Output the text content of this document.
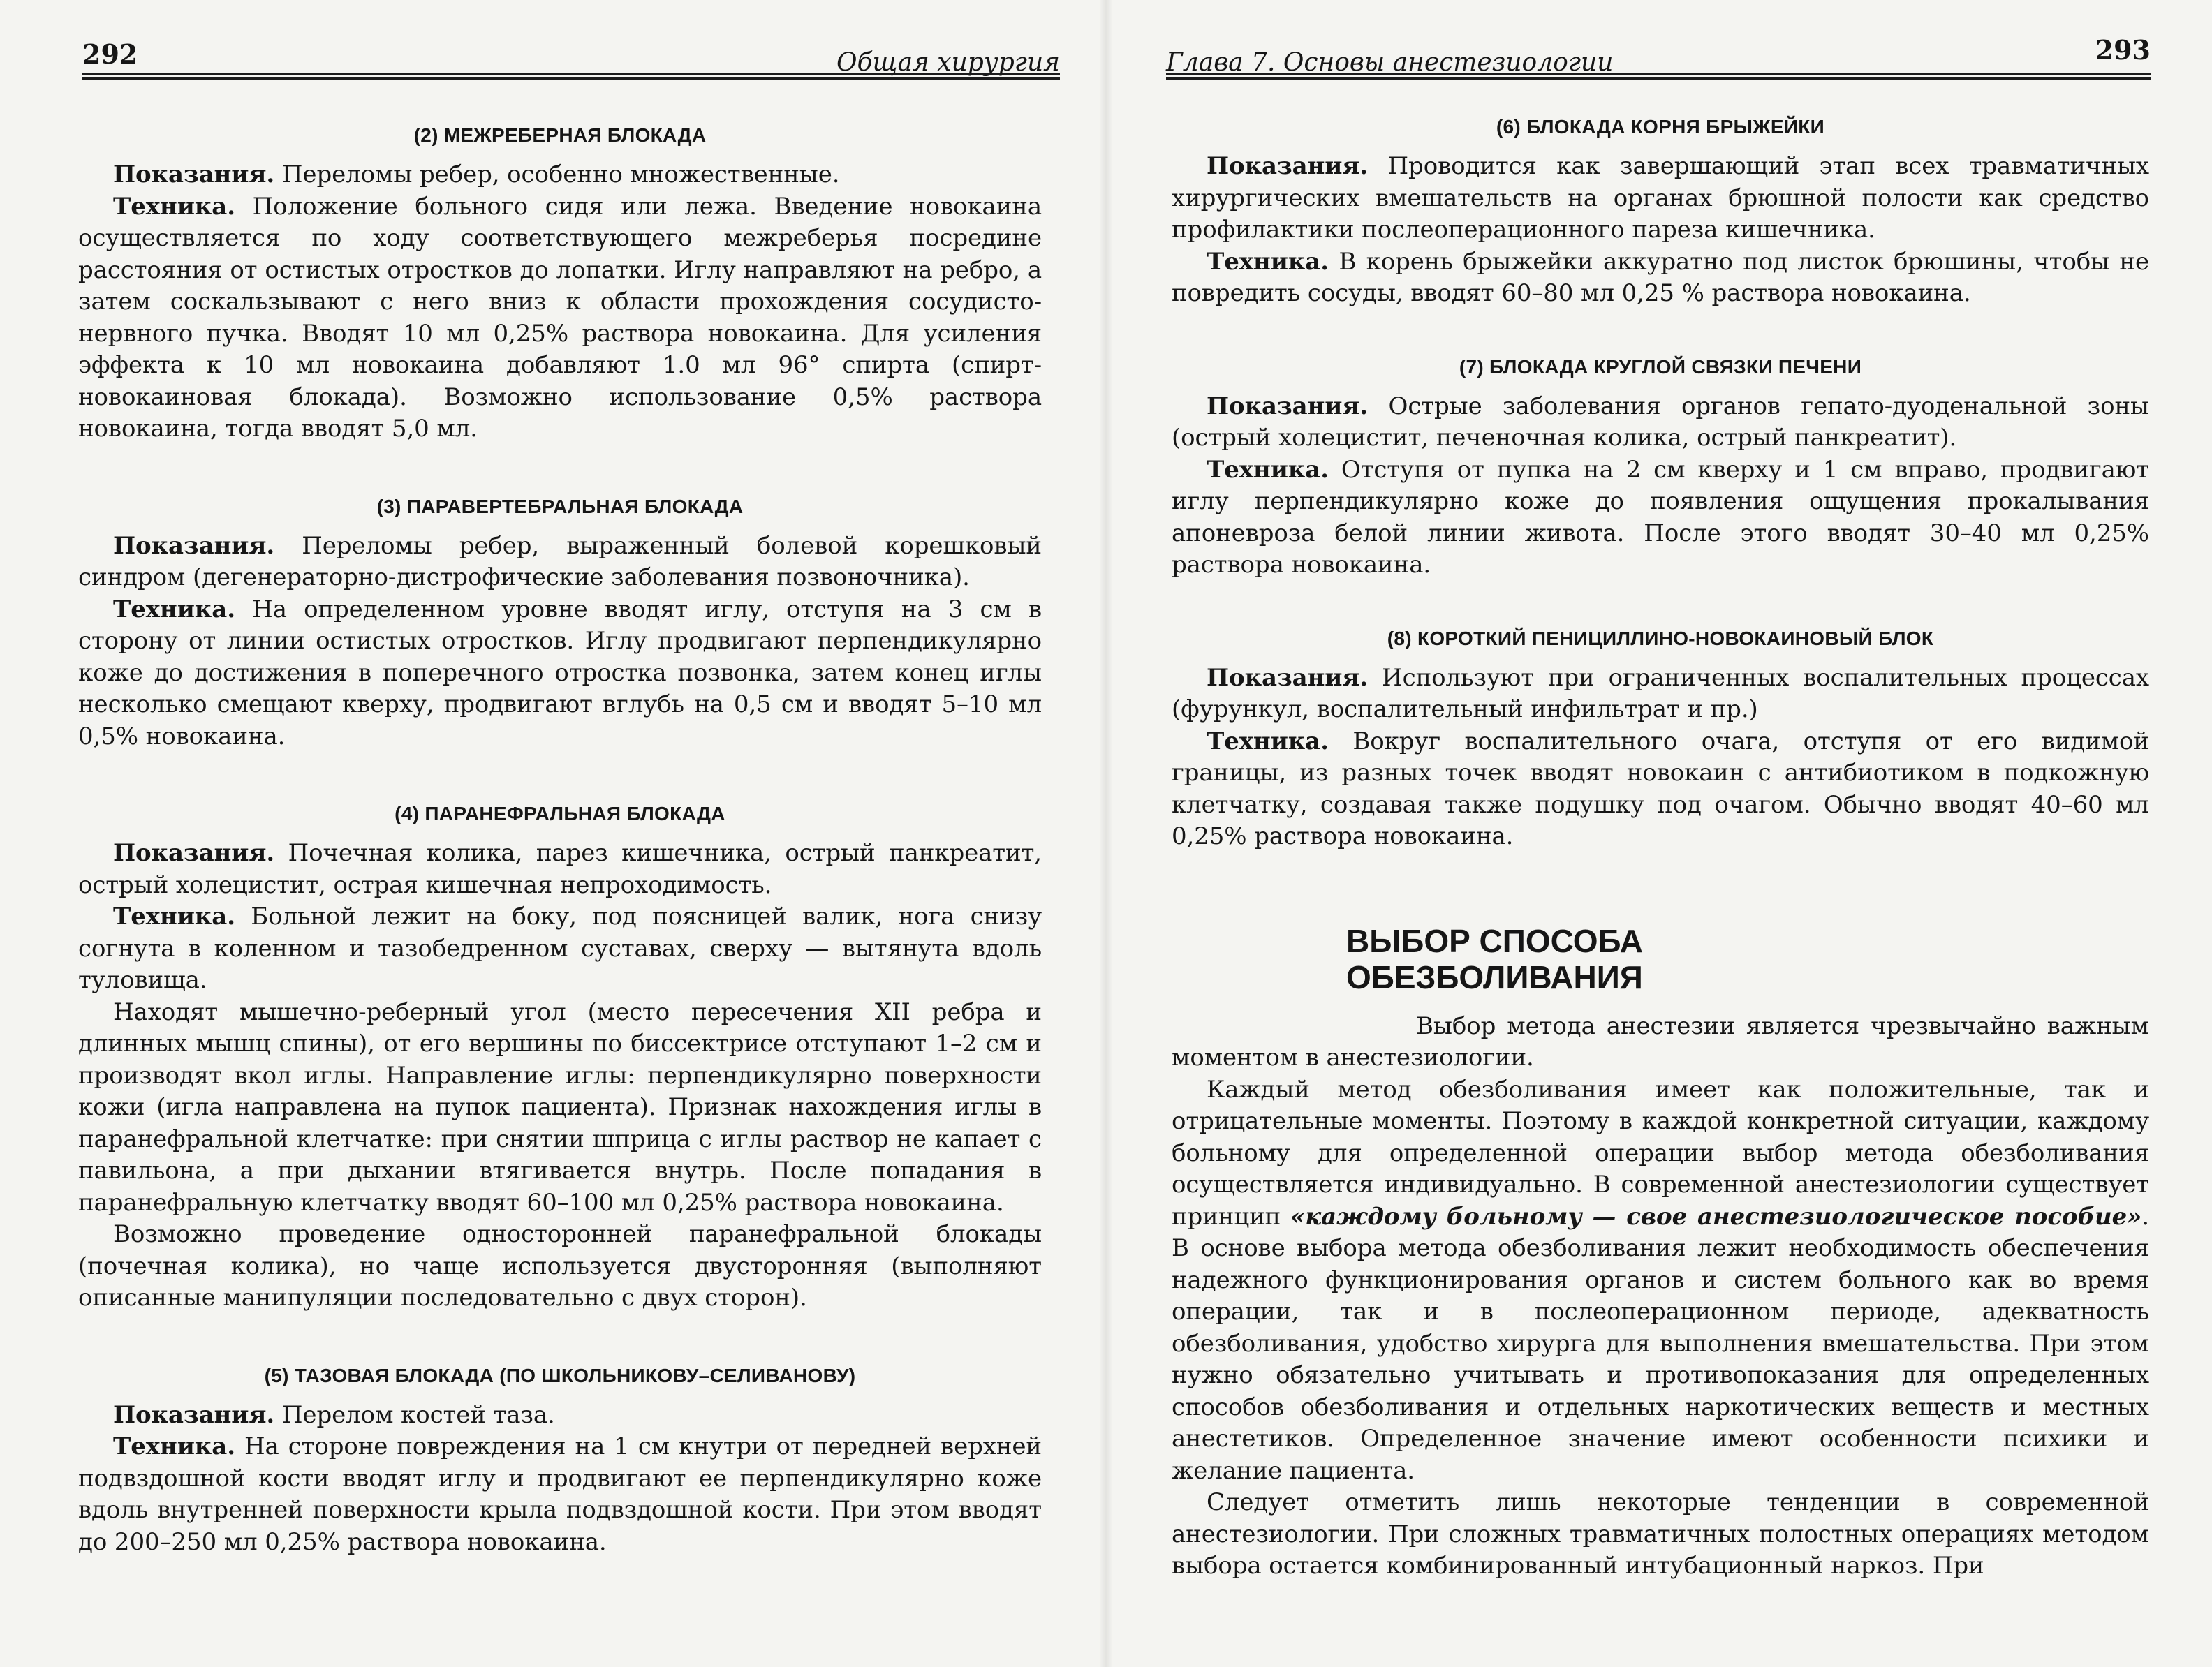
292	Общая хирургия
(2) МЕЖРЕБЕРНАЯ БЛОКАДА

Показания. Переломы ребер, особенно множественные.

Техника. Положение больного сидя или лежа. Введение новокаина осуществляется по ходу соответствующего межреберья посредине расстояния от остистых отростков до лопатки. Иглу направляют на ребро, а затем соскальзывают с него вниз к области прохождения сосудисто-нервного пучка. Вводят 10 мл 0,25% раствора новокаина. Для усиления эффекта к 10 мл новокаина добавляют 1.0 мл 96° спирта (спирт-новокаиновая блокада). Возможно использование 0,5% раствора новокаина, тогда вводят 5,0 мл.

(3) ПАРАВЕРТЕБРАЛЬНАЯ БЛОКАДА

Показания. Переломы ребер, выраженный болевой корешковый синдром (дегенераторно-дистрофические заболевания позвоночника).

Техника. На определенном уровне вводят иглу, отступя на 3 см в сторону от линии остистых отростков. Иглу продвигают перпендикулярно коже до достижения в поперечного отростка позвонка, затем конец иглы несколько смещают кверху, продвигают вглубь на 0,5 см и вводят 5–10 мл 0,5% новокаина.

(4) ПАРАНЕФРАЛЬНАЯ БЛОКАДА

Показания. Почечная колика, парез кишечника, острый панкреатит, острый холецистит, острая кишечная непроходимость.

Техника. Больной лежит на боку, под поясницей валик, нога снизу согнута в коленном и тазобедренном суставах, сверху — вытянута вдоль туловища.

Находят мышечно-реберный угол (место пересечения XII ребра и длинных мышц спины), от его вершины по биссектрисе отступают 1–2 см и производят вкол иглы. Направление иглы: перпендикулярно поверхности кожи (игла направлена на пупок пациента). Признак нахождения иглы в паранефральной клетчатке: при снятии шприца с иглы раствор не капает с павильона, а при дыхании втягивается внутрь. После попадания в паранефральную клетчатку вводят 60–100 мл 0,25% раствора новокаина.

Возможно проведение односторонней паранефральной блокады (почечная колика), но чаще используется двусторонняя (выполняют описанные манипуляции последовательно с двух сторон).

(5) ТАЗОВАЯ БЛОКАДА (ПО ШКОЛЬНИКОВУ–СЕЛИВАНОВУ)

Показания. Перелом костей таза.

Техника. На стороне повреждения на 1 см кнутри от передней верхней подвздошной кости вводят иглу и продвигают ее перпендикулярно коже вдоль внутренней поверхности крыла подвздошной кости. При этом вводят до 200–250 мл 0,25% раствора новокаина.

Глава 7. Основы анестезиологии	293
(6) БЛОКАДА КОРНЯ БРЫЖЕЙКИ

Показания. Проводится как завершающий этап всех травматичных хирургических вмешательств на органах брюшной полости как средство профилактики послеоперационного пареза кишечника.

Техника. В корень брыжейки аккуратно под листок брюшины, чтобы не повредить сосуды, вводят 60–80 мл 0,25 % раствора новокаина.

(7) БЛОКАДА КРУГЛОЙ СВЯЗКИ ПЕЧЕНИ

Показания. Острые заболевания органов гепато-дуоденальной зоны (острый холецистит, печеночная колика, острый панкреатит).

Техника. Отступя от пупка на 2 см кверху и 1 см вправо, продвигают иглу перпендикулярно коже до появления ощущения прокалывания апоневроза белой линии живота. После этого вводят 30–40 мл 0,25% раствора новокаина.

(8) КОРОТКИЙ ПЕНИЦИЛЛИНО-НОВОКАИНОВЫЙ БЛОК

Показания. Используют при ограниченных воспалительных процессах (фурункул, воспалительный инфильтрат и пр.)

Техника. Вокруг воспалительного очага, отступя от его видимой границы, из разных точек вводят новокаин с антибиотиком в подкожную клетчатку, создавая также подушку под очагом. Обычно вводят 40–60 мл 0,25% раствора новокаина.

ВЫБОР СПОСОБА
ОБЕЗБОЛИВАНИЯ

Выбор метода анестезии является чрезвычайно важным моментом в анестезиологии.

Каждый метод обезболивания имеет как положительные, так и отрицательные моменты. Поэтому в каждой конкретной ситуации, каждому больному для определенной операции выбор метода обезболивания осуществляется индивидуально. В современной анестезиологии существует принцип «каждому больному — свое анестезиологическое пособие». В основе выбора метода обезболивания лежит необходимость обеспечения надежного функционирования органов и систем больного как во время операции, так и в послеоперационном периоде, адекватность обезболивания, удобство хирурга для выполнения вмешательства. При этом нужно обязательно учитывать и противопоказания для определенных способов обезболивания и отдельных наркотических веществ и местных анестетиков. Определенное значение имеют особенности психики и желание пациента.

Следует отметить лишь некоторые тенденции в современной анестезиологии. При сложных травматичных полостных операциях методом выбора остается комбинированный интубационный наркоз. При
